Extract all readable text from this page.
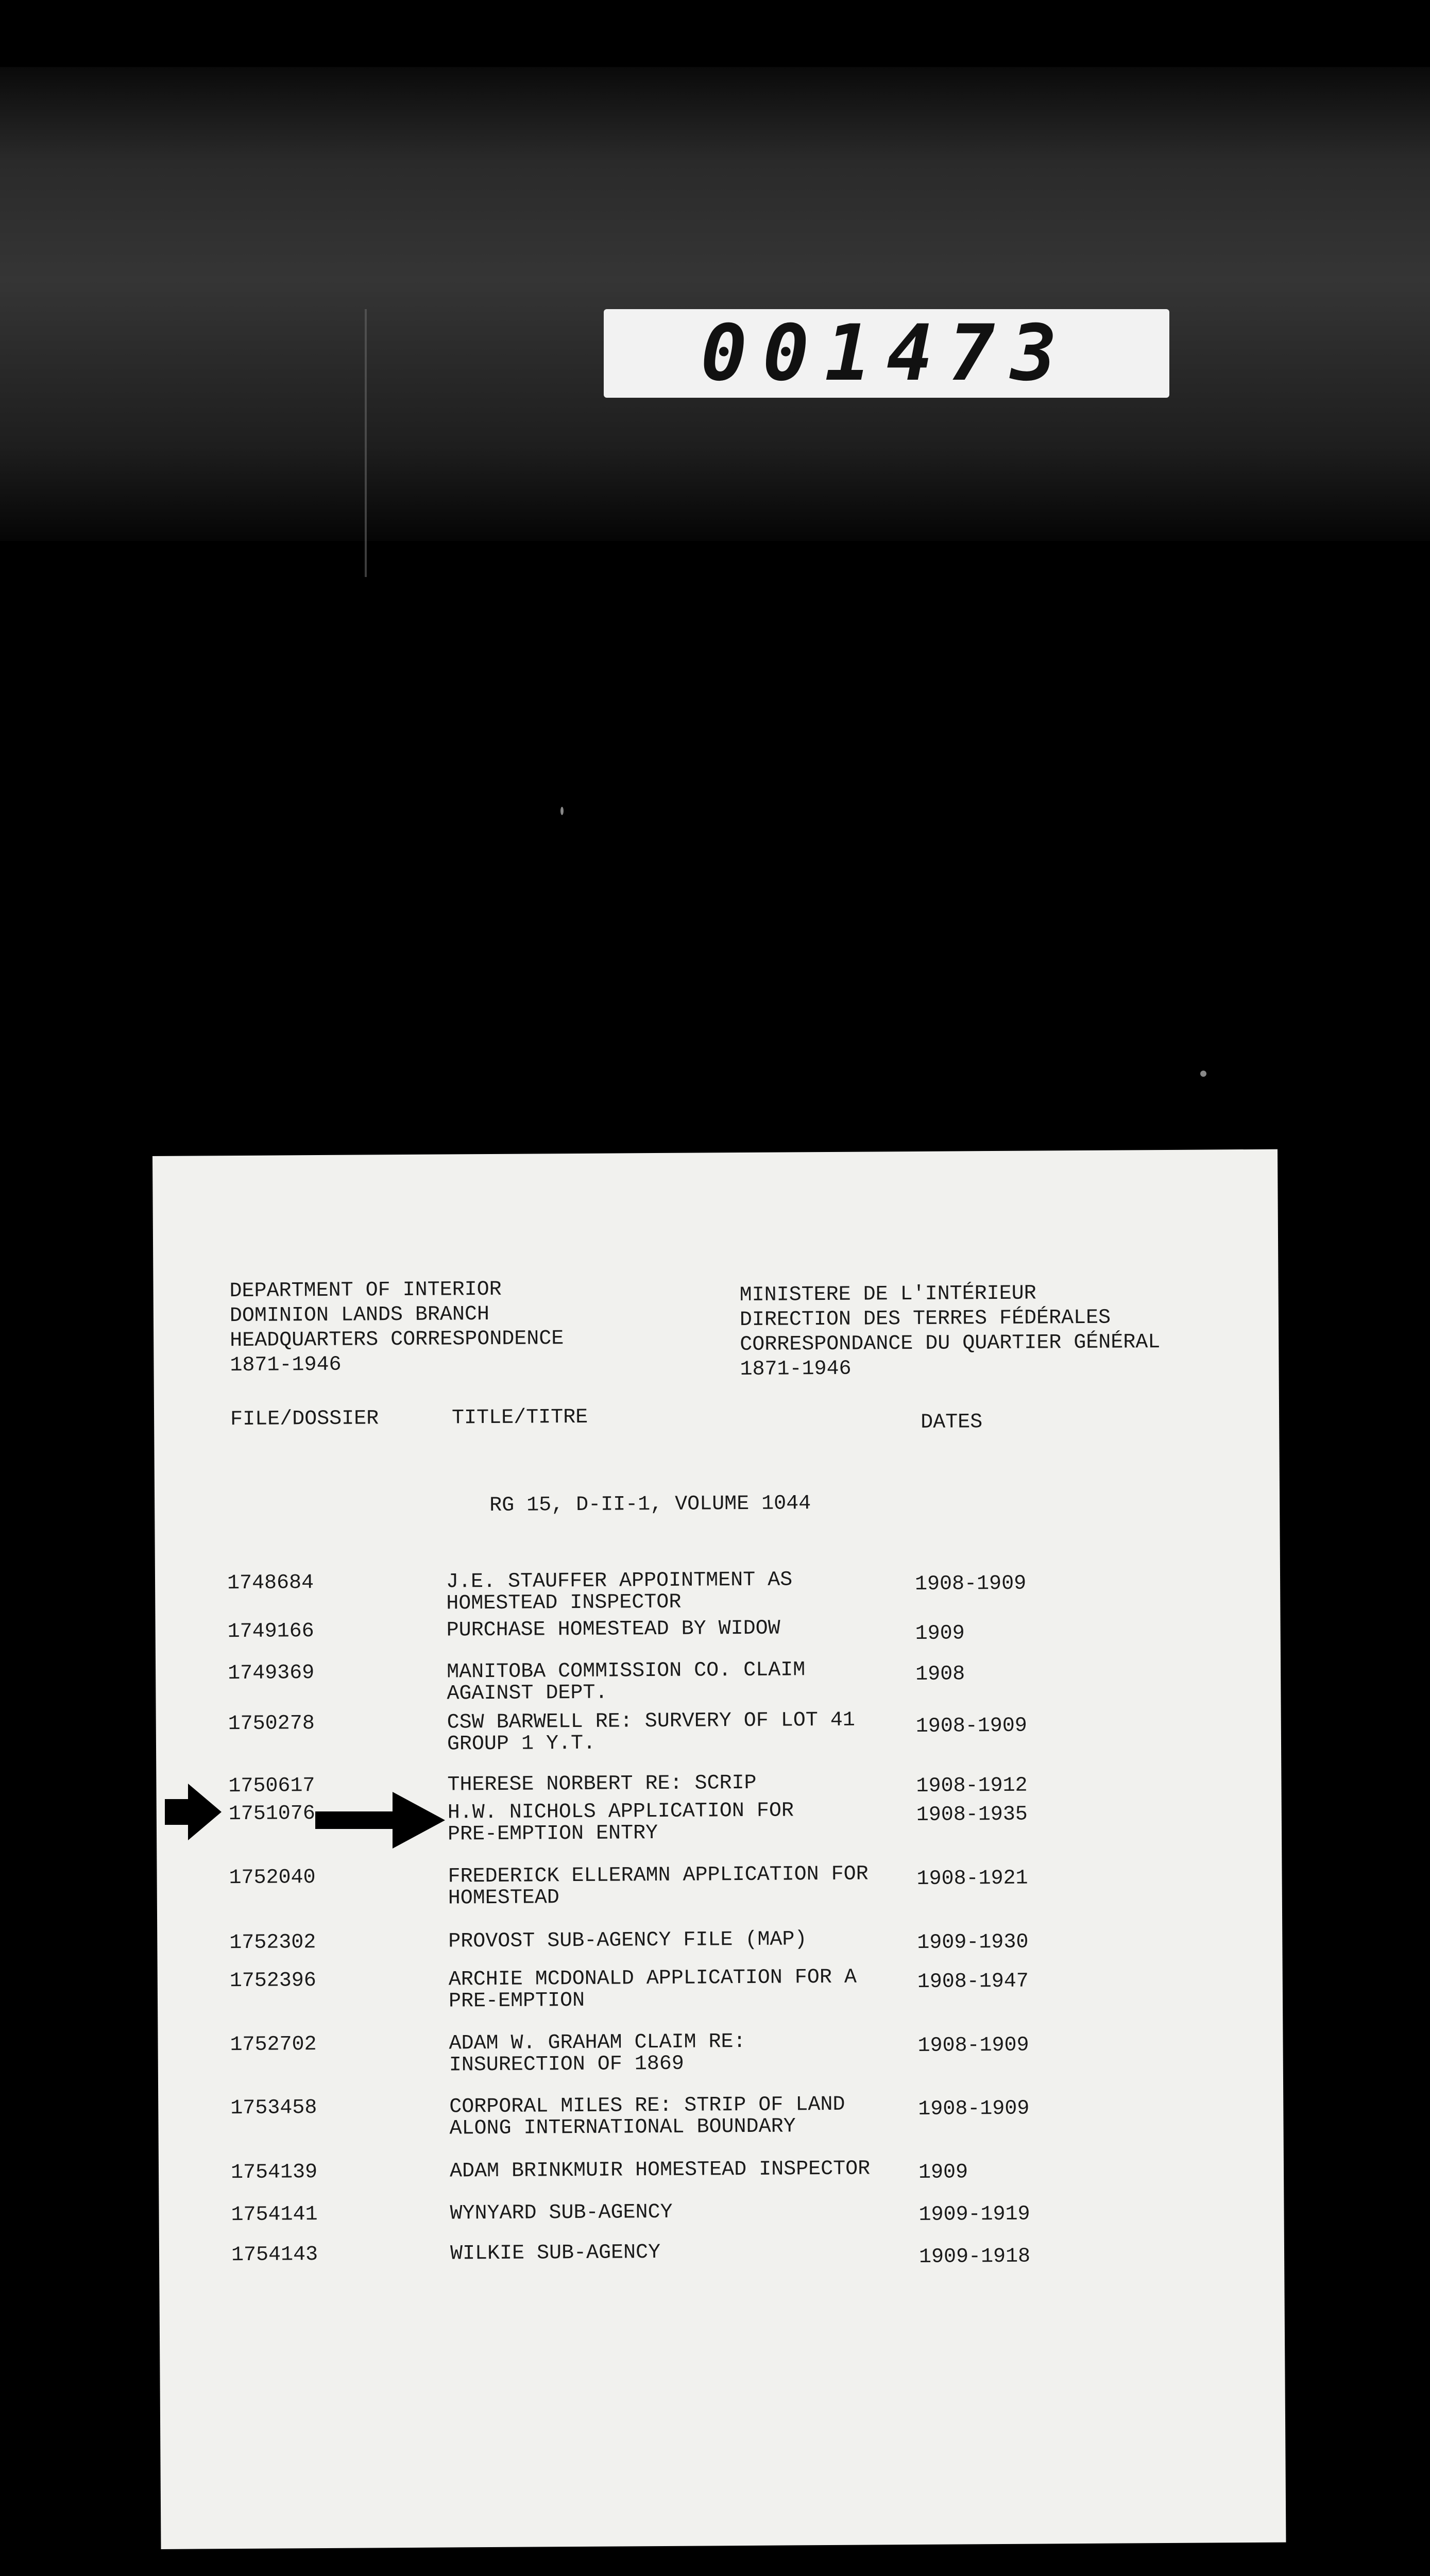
001473
DEPARTMENT OF INTERIOR
DOMINION LANDS BRANCH
HEADQUARTERS CORRESPONDENCE
1871-1946
MINISTERE DE L'INTÉRIEUR
DIRECTION DES TERRES FÉDÉRALES
CORRESPONDANCE DU QUARTIER GÉNÉRAL
1871-1946
FILE/DOSSIER	TITLE/TITRE	DATES
RG 15, D-II-1, VOLUME 1044
1748684	J.E. STAUFFER APPOINTMENT AS
HOMESTEAD INSPECTOR
1908-1909
1749166	PURCHASE HOMESTEAD BY WIDOW	1909
1749369	MANITOBA COMMISSION CO. CLAIM
AGAINST DEPT.
1908
1750278	CSW BARWELL RE: SURVERY OF LOT 41
GROUP 1 Y.T.
1908-1909
1750617	THERESE NORBERT RE: SCRIP	1908-1912
1751076	H.W. NICHOLS APPLICATION FOR
PRE-EMPTION ENTRY
1908-1935
1752040	FREDERICK ELLERAMN APPLICATION FOR
HOMESTEAD
1908-1921
1752302	PROVOST SUB-AGENCY FILE (MAP)	1909-1930
1752396	ARCHIE MCDONALD APPLICATION FOR A
PRE-EMPTION
1908-1947
1752702	ADAM W. GRAHAM CLAIM RE:
INSURECTION OF 1869
1908-1909
1753458	CORPORAL MILES RE: STRIP OF LAND
ALONG INTERNATIONAL BOUNDARY
1908-1909
1754139	ADAM BRINKMUIR HOMESTEAD INSPECTOR	1909
1754141	WYNYARD SUB-AGENCY	1909-1919
1754143	WILKIE SUB-AGENCY	1909-1918
